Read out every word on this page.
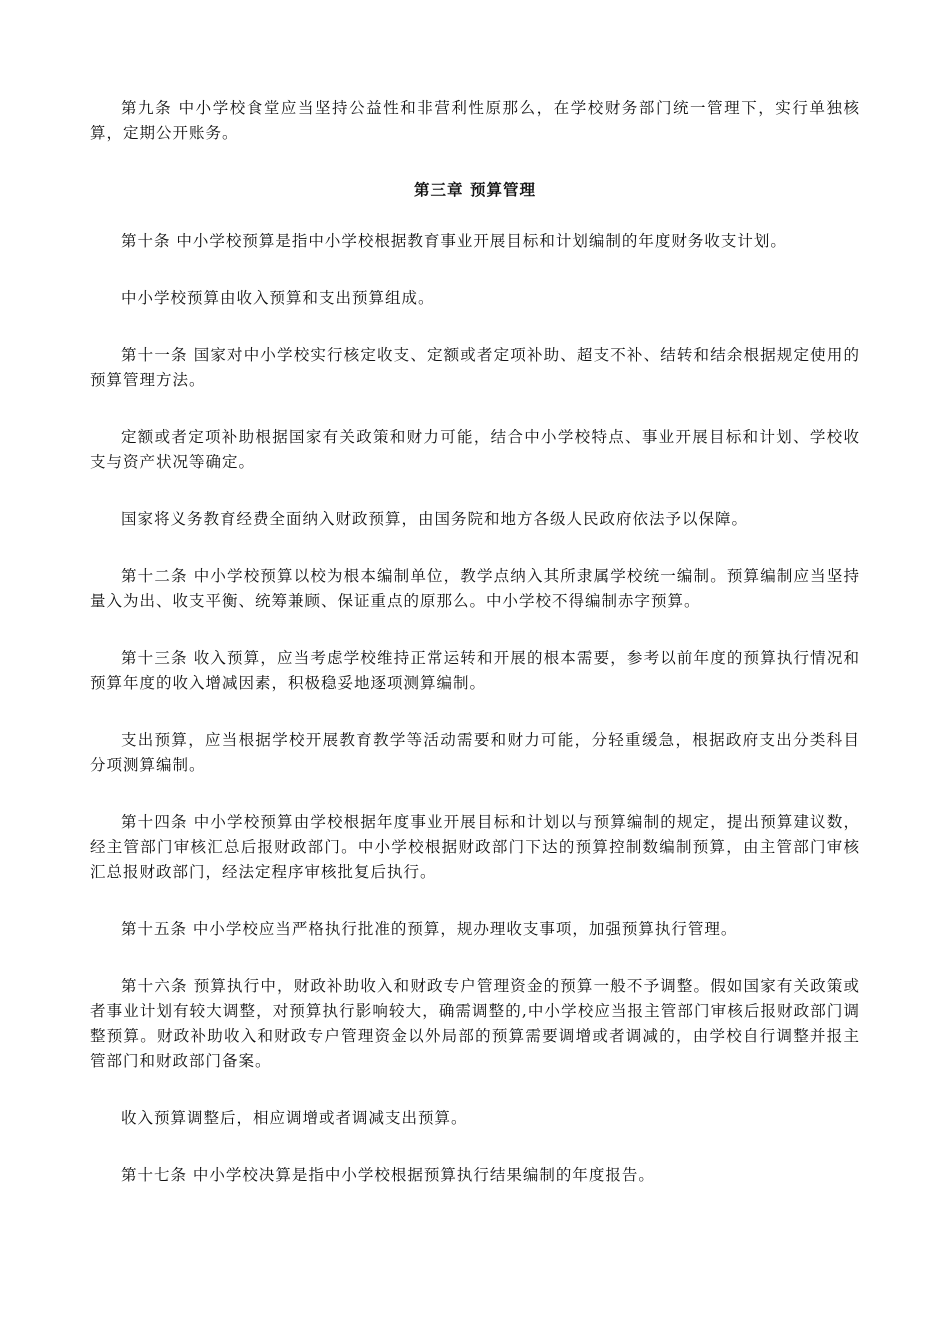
第九条 中小学校食堂应当坚持公益性和非营利性原那么，在学校财务部门统一管理下，实行单独核算，定期公开账务。

第三章 预算管理

第十条 中小学校预算是指中小学校根据教育事业开展目标和计划编制的年度财务收支计划。

中小学校预算由收入预算和支出预算组成。

第十一条 国家对中小学校实行核定收支、定额或者定项补助、超支不补、结转和结余根据规定使用的预算管理方法。

定额或者定项补助根据国家有关政策和财力可能，结合中小学校特点、事业开展目标和计划、学校收支与资产状况等确定。

国家将义务教育经费全面纳入财政预算，由国务院和地方各级人民政府依法予以保障。

第十二条 中小学校预算以校为根本编制单位，教学点纳入其所隶属学校统一编制。预算编制应当坚持量入为出、收支平衡、统筹兼顾、保证重点的原那么。中小学校不得编制赤字预算。

第十三条 收入预算，应当考虑学校维持正常运转和开展的根本需要，参考以前年度的预算执行情况和预算年度的收入增减因素，积极稳妥地逐项测算编制。

支出预算，应当根据学校开展教育教学等活动需要和财力可能，分轻重缓急，根据政府支出分类科目分项测算编制。

第十四条 中小学校预算由学校根据年度事业开展目标和计划以与预算编制的规定，提出预算建议数，经主管部门审核汇总后报财政部门。中小学校根据财政部门下达的预算控制数编制预算，由主管部门审核汇总报财政部门，经法定程序审核批复后执行。

第十五条 中小学校应当严格执行批准的预算，规办理收支事项，加强预算执行管理。

第十六条 预算执行中，财政补助收入和财政专户管理资金的预算一般不予调整。假如国家有关政策或者事业计划有较大调整，对预算执行影响较大，确需调整的,中小学校应当报主管部门审核后报财政部门调整预算。财政补助收入和财政专户管理资金以外局部的预算需要调增或者调减的，由学校自行调整并报主管部门和财政部门备案。

收入预算调整后，相应调增或者调减支出预算。

第十七条 中小学校决算是指中小学校根据预算执行结果编制的年度报告。
